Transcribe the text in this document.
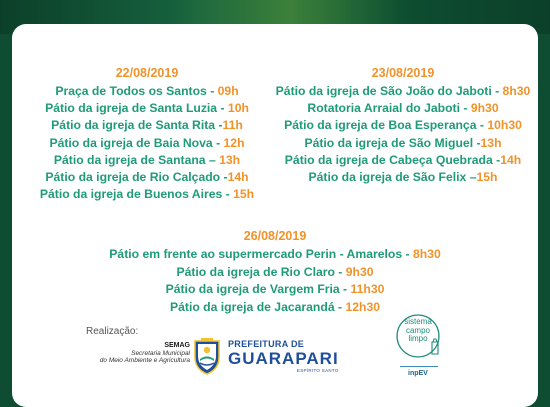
22/08/2019
Praça de Todos os Santos - 09h
Pátio da igreja de Santa Luzia - 10h
Pátio da igreja de Santa Rita -11h
Pátio da igreja de Baia Nova - 12h
Pátio da igreja de Santana – 13h
Pátio da igreja de Rio Calçado -14h
Pátio da igreja de Buenos Aires - 15h
23/08/2019
Pátio da igreja de São João do Jaboti - 8h30
Rotatoria Arraial do Jaboti - 9h30
Pátio da igreja de Boa Esperança - 10h30
Pátio da igreja de São Miguel -13h
Pátio da igreja de Cabeça Quebrada -14h
Pátio da igreja de São Felix –15h
26/08/2019
Pátio em frente ao supermercado Perin - Amarelos - 8h30
Pátio da igreja de Rio Claro - 9h30
Pátio da igreja de Vargem Fria - 11h30
Pátio da igreja de Jacarandá - 12h30
Realização:
SEMAG
Secretaria Municipal
do Meio Ambiente e Agricultura
PREFEITURA DE
GUARAPARI
ESPÍRITO SANTO
sistema
campo
limpo
inpEV
